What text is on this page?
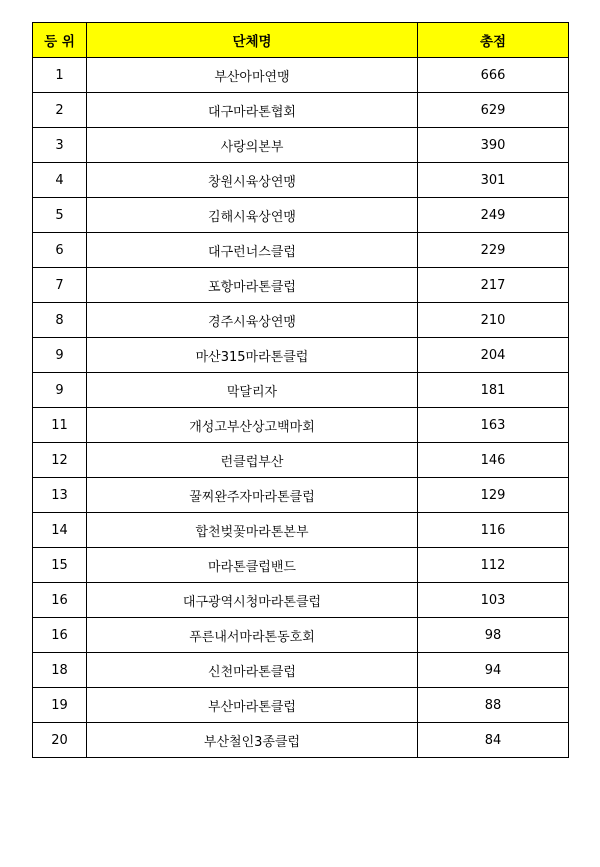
등 위	단체명	총점
1	부산아마연맹	666
2	대구마라톤협회	629
3	사랑의본부	390
4	창원시육상연맹	301
5	김해시육상연맹	249
6	대구런너스클럽	229
7	포항마라톤클럽	217
8	경주시육상연맹	210
9	마산315마라톤클럽	204
9	막달리자	181
11	개성고부산상고백마회	163
12	런클럽부산	146
13	꿀찌완주자마라톤클럽	129
14	합천벚꽃마라톤본부	116
15	마라톤클럽밴드	112
16	대구광역시청마라톤클럽	103
16	푸른내서마라톤동호회	98
18	신천마라톤클럽	94
19	부산마라톤클럽	88
20	부산철인3종클럽	84
